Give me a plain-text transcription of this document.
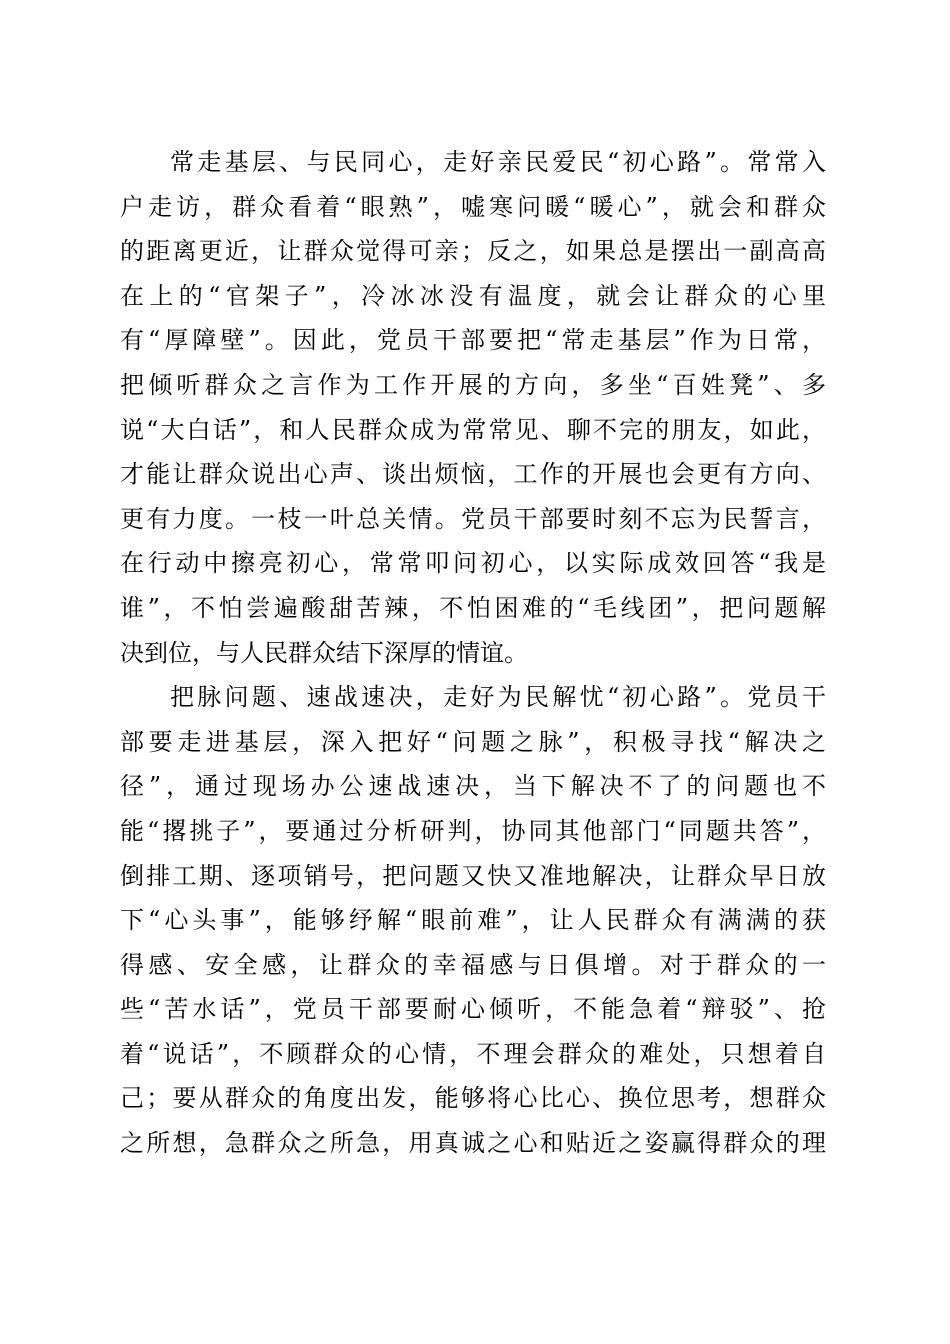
常走基层、与民同心，走好亲民爱民“初心路”。常常入
户走访，群众看着“眼熟”，嘘寒问暖“暖心”，就会和群众
的距离更近，让群众觉得可亲；反之，如果总是摆出一副高高
在上的“官架子”，冷冰冰没有温度，就会让群众的心里
有“厚障壁”。因此，党员干部要把“常走基层”作为日常，
把倾听群众之言作为工作开展的方向，多坐“百姓凳”、多
说“大白话”，和人民群众成为常常见、聊不完的朋友，如此，
才能让群众说出心声、谈出烦恼，工作的开展也会更有方向、
更有力度。一枝一叶总关情。党员干部要时刻不忘为民誓言，
在行动中擦亮初心，常常叩问初心，以实际成效回答“我是
谁”，不怕尝遍酸甜苦辣，不怕困难的“毛线团”，把问题解
决到位，与人民群众结下深厚的情谊。
把脉问题、速战速决，走好为民解忧“初心路”。党员干
部要走进基层，深入把好“问题之脉”，积极寻找“解决之
径”，通过现场办公速战速决，当下解决不了的问题也不
能“撂挑子”，要通过分析研判，协同其他部门“同题共答”，
倒排工期、逐项销号，把问题又快又准地解决，让群众早日放
下“心头事”，能够纾解“眼前难”，让人民群众有满满的获
得感、安全感，让群众的幸福感与日俱增。对于群众的一
些“苦水话”，党员干部要耐心倾听，不能急着“辩驳”、抢
着“说话”，不顾群众的心情，不理会群众的难处，只想着自
己；要从群众的角度出发，能够将心比心、换位思考，想群众
之所想，急群众之所急，用真诚之心和贴近之姿赢得群众的理
